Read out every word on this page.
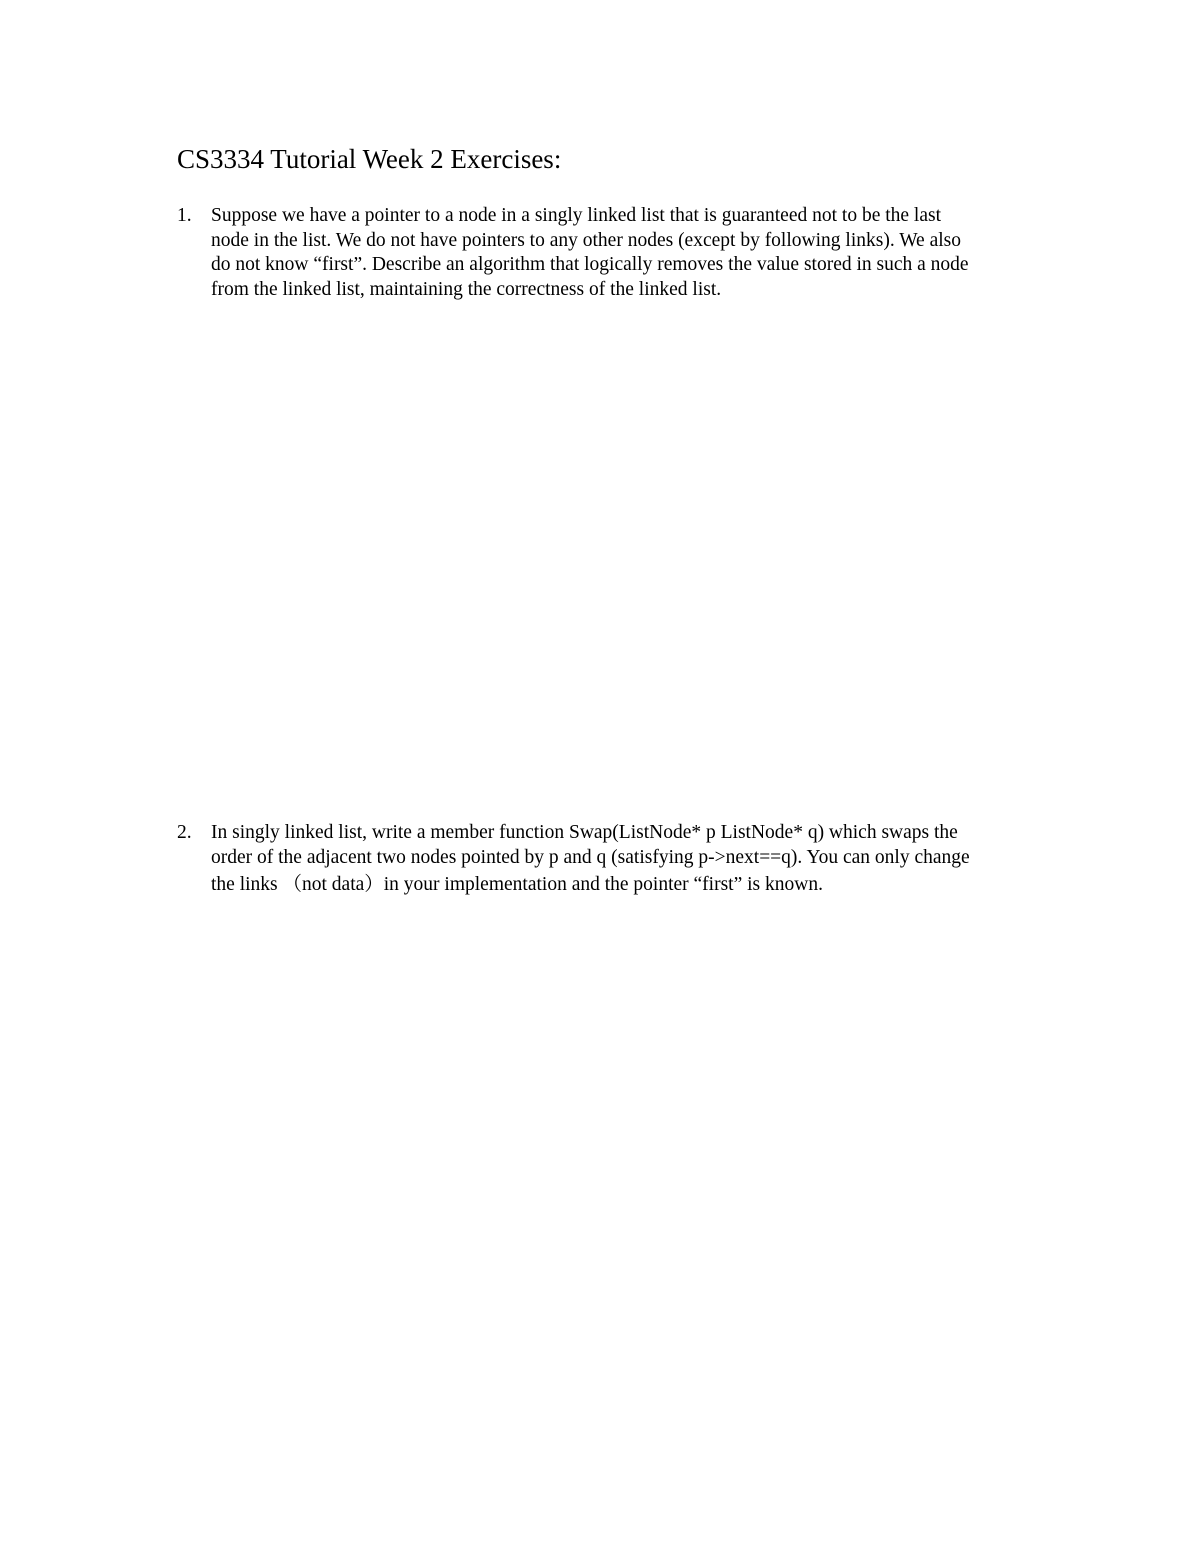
CS3334 Tutorial Week 2 Exercises:
1. Suppose we have a pointer to a node in a singly linked list that is guaranteed not to be the last
node in the list. We do not have pointers to any other nodes (except by following links). We also
do not know “first”. Describe an algorithm that logically removes the value stored in such a node
from the linked list, maintaining the correctness of the linked list.
2. In singly linked list, write a member function Swap(ListNode* p ListNode* q) which swaps the
order of the adjacent two nodes pointed by p and q (satisfying p->next==q). You can only change
the links （not data）in your implementation and the pointer “first” is known.
